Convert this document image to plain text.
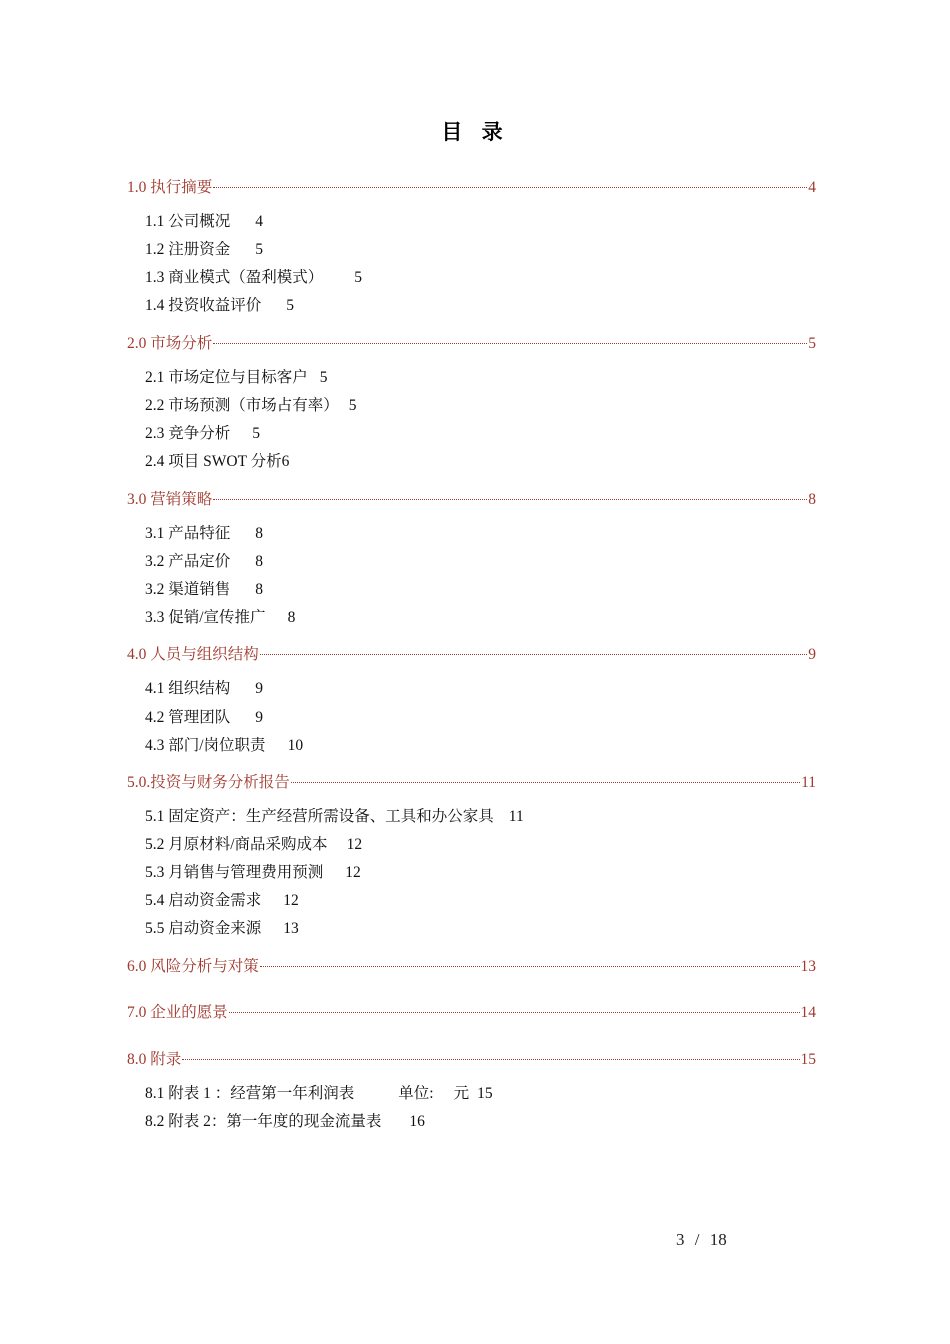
目 录
1.0 执行摘要	4
1.1 公司概况 4
1.2 注册资金 5
1.3 商业模式（盈利模式） 5
1.4 投资收益评价 5
2.0 市场分析	5
2.1 市场定位与目标客户 5
2.2 市场预测（市场占有率） 5
2.3 竞争分析 5
2.4 项目 SWOT 分析6
3.0 营销策略	8
3.1 产品特征 8
3.2 产品定价 8
3.2 渠道销售 8
3.3 促销/宣传推广 8
4.0 人员与组织结构	9
4.1 组织结构 9
4.2 管理团队 9
4.3 部门/岗位职责 10
5.0.投资与财务分析报告	11
5.1 固定资产：生产经营所需设备、工具和办公家具 11
5.2 月原材料/商品采购成本 12
5.3 月销售与管理费用预测 12
5.4 启动资金需求 12
5.5 启动资金来源 13
6.0 风险分析与对策	13
7.0 企业的愿景	14
8.0 附录	15
8.1 附表 1 ：经营第一年利润表	单位: 元 15
8.2 附表 2：第一年度的现金流量表 16
3 / 18
